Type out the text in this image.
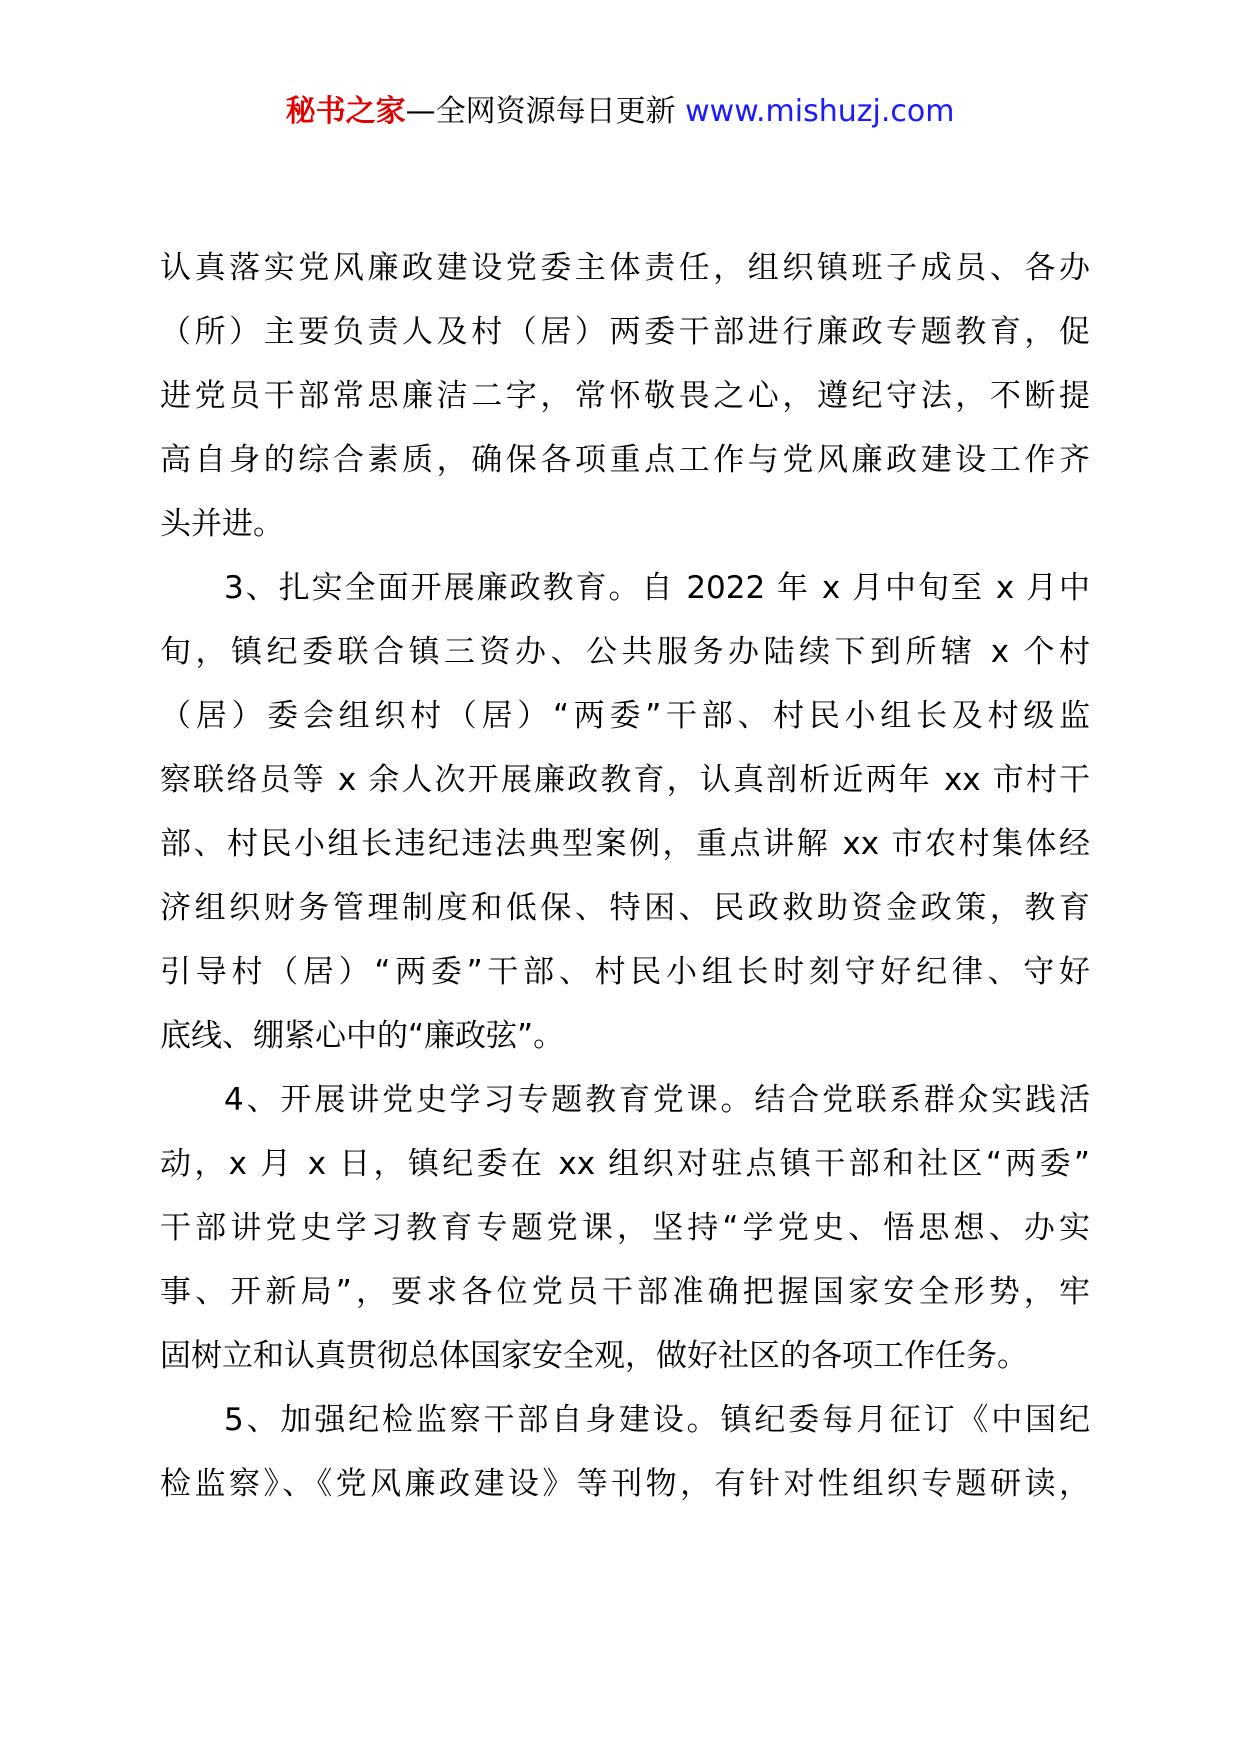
秘书之家—全网资源每日更新 www.mishuzj.com
认真落实党风廉政建设党委主体责任，组织镇班子成员、各办
（所）主要负责人及村（居）两委干部进行廉政专题教育，促
进党员干部常思廉洁二字，常怀敬畏之心，遵纪守法，不断提
高自身的综合素质，确保各项重点工作与党风廉政建设工作齐
头并进。
3、扎实全面开展廉政教育。自 2022 年 x 月中旬至 x 月中
旬，镇纪委联合镇三资办、公共服务办陆续下到所辖 x 个村
（居）委会组织村（居）“两委”干部、村民小组长及村级监
察联络员等 x 余人次开展廉政教育，认真剖析近两年 xx 市村干
部、村民小组长违纪违法典型案例，重点讲解 xx 市农村集体经
济组织财务管理制度和低保、特困、民政救助资金政策，教育
引导村（居）“两委”干部、村民小组长时刻守好纪律、守好
底线、绷紧心中的“廉政弦”。
4、开展讲党史学习专题教育党课。结合党联系群众实践活
动，x 月 x 日，镇纪委在 xx 组织对驻点镇干部和社区“两委”
干部讲党史学习教育专题党课，坚持“学党史、悟思想、办实
事、开新局”，要求各位党员干部准确把握国家安全形势，牢
固树立和认真贯彻总体国家安全观，做好社区的各项工作任务。
5、加强纪检监察干部自身建设。镇纪委每月征订《中国纪
检监察》、《党风廉政建设》等刊物，有针对性组织专题研读，
